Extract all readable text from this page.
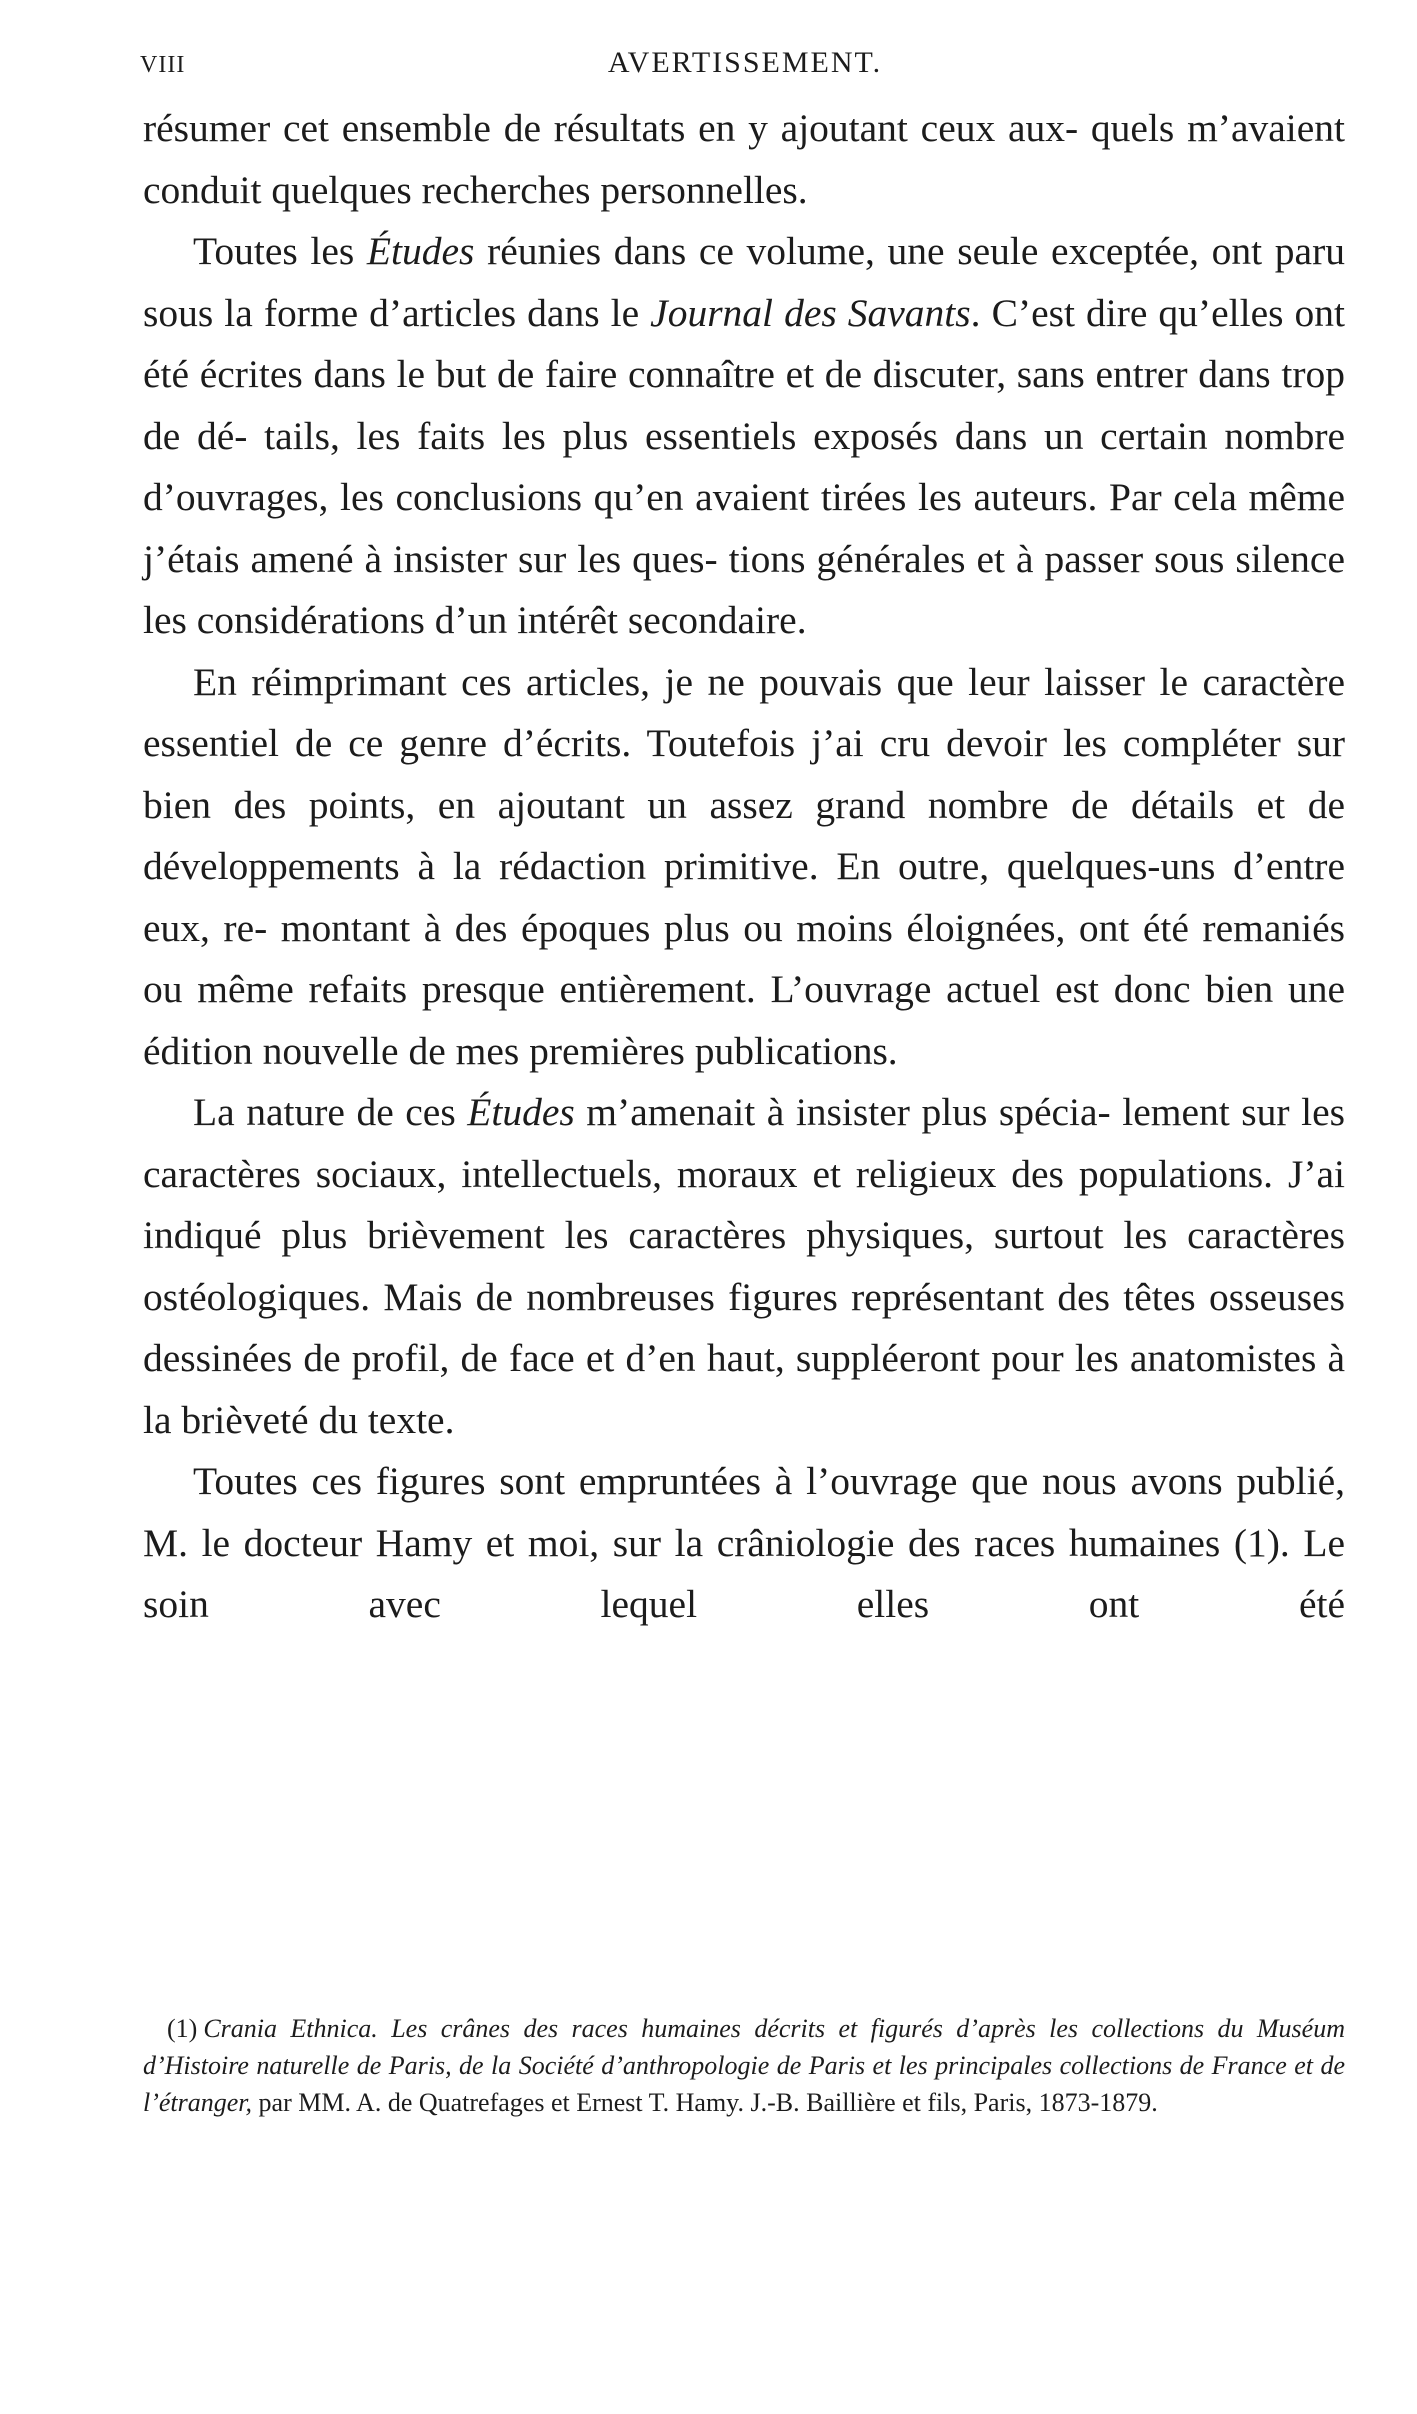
VIII	AVERTISSEMENT.

résumer cet ensemble de résultats en y ajoutant ceux aux- quels m’avaient conduit quelques recherches personnelles.

Toutes les Études réunies dans ce volume, une seule exceptée, ont paru sous la forme d’articles dans le Journal des Savants. C’est dire qu’elles ont été écrites dans le but de faire connaître et de discuter, sans entrer dans trop de dé- tails, les faits les plus essentiels exposés dans un certain nombre d’ouvrages, les conclusions qu’en avaient tirées les auteurs. Par cela même j’étais amené à insister sur les ques- tions générales et à passer sous silence les considérations d’un intérêt secondaire.

En réimprimant ces articles, je ne pouvais que leur laisser le caractère essentiel de ce genre d’écrits. Toutefois j’ai cru devoir les compléter sur bien des points, en ajoutant un assez grand nombre de détails et de développements à la rédaction primitive. En outre, quelques-uns d’entre eux, re- montant à des époques plus ou moins éloignées, ont été remaniés ou même refaits presque entièrement. L’ouvrage actuel est donc bien une édition nouvelle de mes premières publications.

La nature de ces Études m’amenait à insister plus spécia- lement sur les caractères sociaux, intellectuels, moraux et religieux des populations. J’ai indiqué plus brièvement les caractères physiques, surtout les caractères ostéologiques. Mais de nombreuses figures représentant des têtes osseuses dessinées de profil, de face et d’en haut, suppléeront pour les anatomistes à la brièveté du texte.

Toutes ces figures sont empruntées à l’ouvrage que nous avons publié, M. le docteur Hamy et moi, sur la crâniologie des races humaines (1). Le soin avec lequel elles ont été

(1) Crania Ethnica. Les crânes des races humaines décrits et figurés d’après les collections du Muséum d’Histoire naturelle de Paris, de la Société d’anthropologie de Paris et les principales collections de France et de l’étranger, par MM. A. de Quatrefages et Ernest T. Hamy. J.-B. Baillière et fils, Paris, 1873-1879.
